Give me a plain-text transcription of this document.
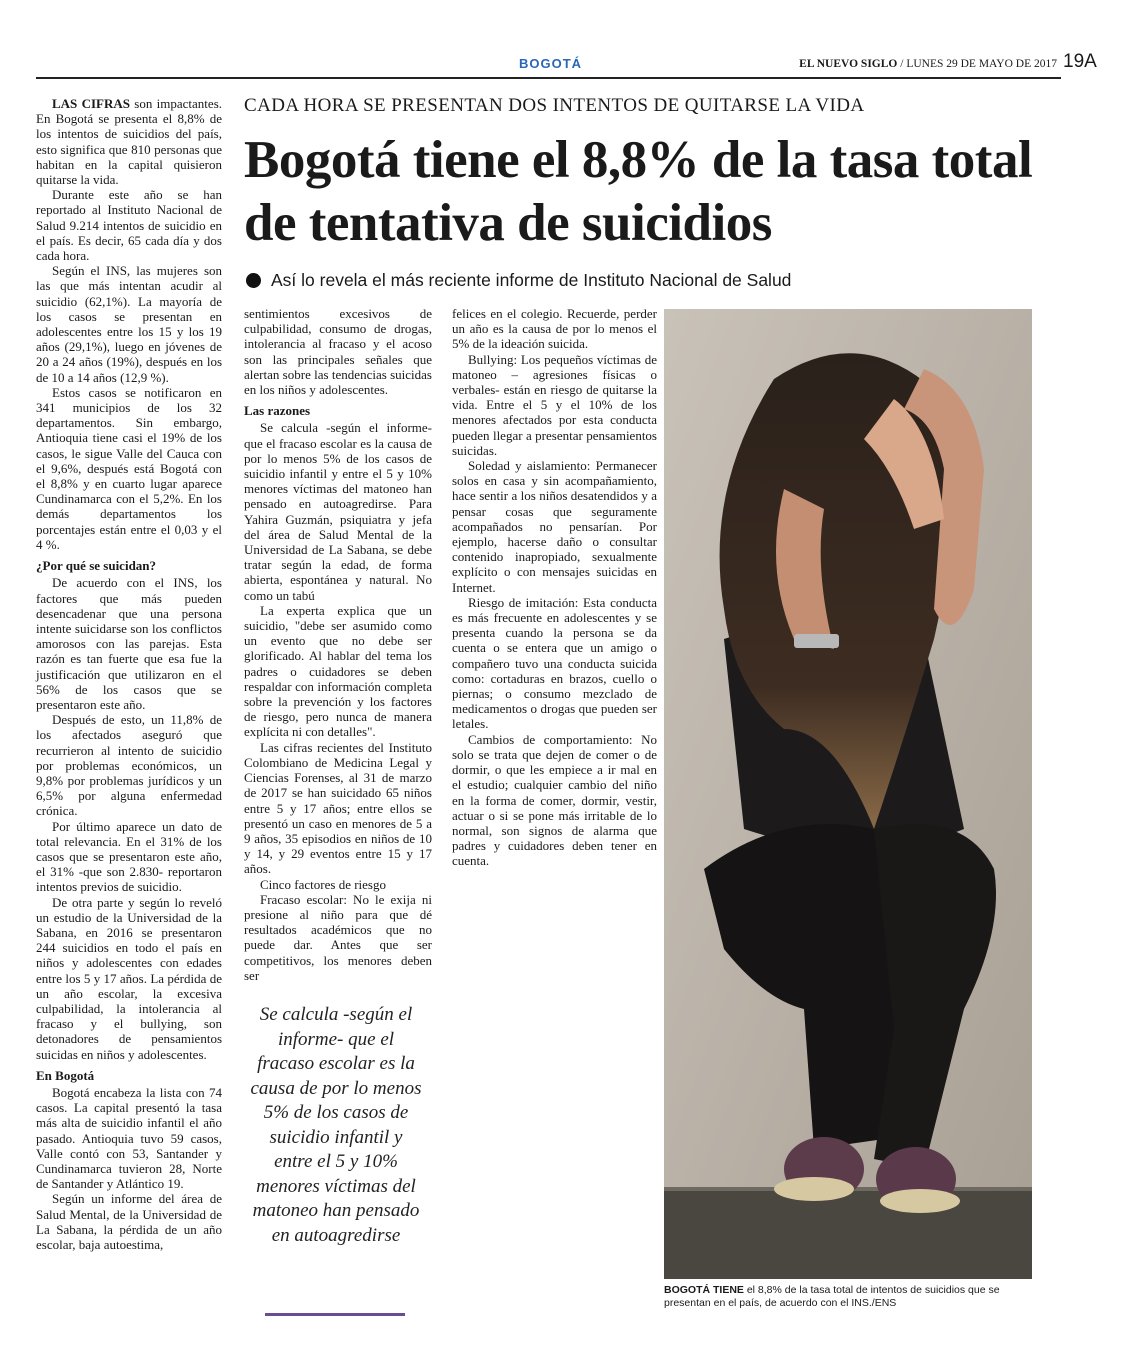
BOGOTÁ	19A
EL NUEVO SIGLO / LUNES 29 DE MAYO DE 2017
CADA HORA SE PRESENTAN DOS INTENTOS DE QUITARSE LA VIDA
Bogotá tiene el 8,8% de la tasa total de tentativa de suicidios
Así lo revela el más reciente informe de Instituto Nacional de Salud

LAS CIFRAS son impactantes. En Bogotá se presenta el 8,8% de los intentos de suicidios del país, esto significa que 810 personas que habitan en la capital quisieron quitarse la vida.

Durante este año se han reportado al Instituto Nacional de Salud 9.214 intentos de suicidio en el país. Es decir, 65 cada día y dos cada hora.

Según el INS, las mujeres son las que más intentan acudir al suicidio (62,1%). La mayoría de los casos se presentan en adolescentes entre los 15 y los 19 años (29,1%), luego en jóvenes de 20 a 24 años (19%), después en los de 10 a 14 años (12,9 %).

Estos casos se notificaron en 341 municipios de los 32 departamentos. Sin embargo, Antioquia tiene casi el 19% de los casos, le sigue Valle del Cauca con el 9,6%, después está Bogotá con el 8,8% y en cuarto lugar aparece Cundinamarca con el 5,2%. En los demás departamentos los porcentajes están entre el 0,03 y el 4 %.

¿Por qué se suicidan?

De acuerdo con el INS, los factores que más pueden desencadenar que una persona intente suicidarse son los conflictos amorosos con las parejas. Esta razón es tan fuerte que esa fue la justificación que utilizaron en el 56% de los casos que se presentaron este año.

Después de esto, un 11,8% de los afectados aseguró que recurrieron al intento de suicidio por problemas económicos, un 9,8% por problemas jurídicos y un 6,5% por alguna enfermedad crónica.

Por último aparece un dato de total relevancia. En el 31% de los casos que se presentaron este año, el 31% -que son 2.830- reportaron intentos previos de suicidio.

De otra parte y según lo reveló un estudio de la Universidad de la Sabana, en 2016 se presentaron 244 suicidios en todo el país en niños y adolescentes con edades entre los 5 y 17 años. La pérdida de un año escolar, la excesiva culpabilidad, la intolerancia al fracaso y el bullying, son detonadores de pensamientos suicidas en niños y adolescentes.

En Bogotá

Bogotá encabeza la lista con 74 casos. La capital presentó la tasa más alta de suicidio infantil el año pasado. Antioquia tuvo 59 casos, Valle contó con 53, Santander y Cundinamarca tuvieron 28, Norte de Santander y Atlántico 19.

Según un informe del área de Salud Mental, de la Universidad de La Sabana, la pérdida de un año escolar, baja autoestima,

sentimientos excesivos de culpabilidad, consumo de drogas, intolerancia al fracaso y el acoso son las principales señales que alertan sobre las tendencias suicidas en los niños y adolescentes.

Las razones

Se calcula -según el informe- que el fracaso escolar es la causa de por lo menos 5% de los casos de suicidio infantil y entre el 5 y 10% menores víctimas del matoneo han pensado en autoagredirse. Para Yahira Guzmán, psiquiatra y jefa del área de Salud Mental de la Universidad de La Sabana, se debe tratar según la edad, de forma abierta, espontánea y natural. No como un tabú

La experta explica que un suicidio, "debe ser asumido como un evento que no debe ser glorificado. Al hablar del tema los padres o cuidadores se deben respaldar con información completa sobre la prevención y los factores de riesgo, pero nunca de manera explícita ni con detalles".

Las cifras recientes del Instituto Colombiano de Medicina Legal y Ciencias Forenses, al 31 de marzo de 2017 se han suicidado 65 niños entre 5 y 17 años; entre ellos se presentó un caso en menores de 5 a 9 años, 35 episodios en niños de 10 y 14, y 29 eventos entre 15 y 17 años.

Cinco factores de riesgo

Fracaso escolar: No le exija ni presione al niño para que dé resultados académicos que no puede dar. Antes que ser competitivos, los menores deben ser

Se calcula -según el informe- que el fracaso escolar es la causa de por lo menos 5% de los casos de suicidio infantil y entre el 5 y 10% menores víctimas del matoneo han pensado en autoagredirse

felices en el colegio. Recuerde, perder un año es la causa de por lo menos el 5% de la ideación suicida.

Bullying: Los pequeños víctimas de matoneo – agresiones físicas o verbales- están en riesgo de quitarse la vida. Entre el 5 y el 10% de los menores afectados por esta conducta pueden llegar a presentar pensamientos suicidas.

Soledad y aislamiento: Permanecer solos en casa y sin acompañamiento, hace sentir a los niños desatendidos y a pensar cosas que seguramente acompañados no pensarían. Por ejemplo, hacerse daño o consultar contenido inapropiado, sexualmente explícito o con mensajes suicidas en Internet.

Riesgo de imitación: Esta conducta es más frecuente en adolescentes y se presenta cuando la persona se da cuenta o se entera que un amigo o compañero tuvo una conducta suicida como: cortaduras en brazos, cuello o piernas; o consumo mezclado de medicamentos o drogas que pueden ser letales.

Cambios de comportamiento: No solo se trata que dejen de comer o de dormir, o que les empiece a ir mal en el estudio; cualquier cambio del niño en la forma de comer, dormir, vestir, actuar o si se pone más irritable de lo normal, son signos de alarma que padres y cuidadores deben tener en cuenta.

BOGOTÁ TIENE el 8,8% de la tasa total de intentos de suicidios que se presentan en el país, de acuerdo con el INS./ENS
